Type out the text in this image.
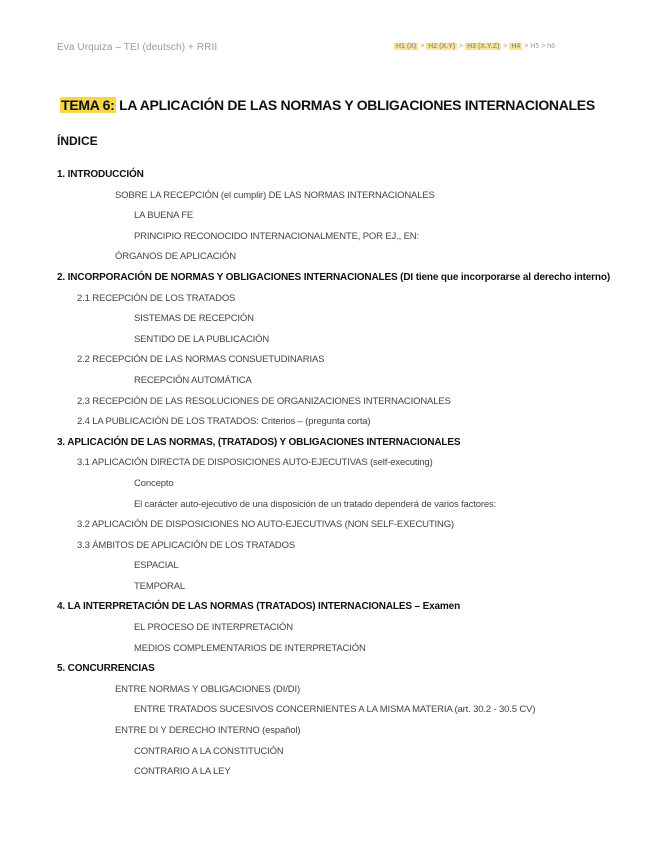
Eva Urquiza – TEI (deutsch) + RRII	H1 (X) > H2 (X.Y) > H3 (X.Y.Z) > H4 > H5 > h6
TEMA 6: LA APLICACIÓN DE LAS NORMAS Y OBLIGACIONES INTERNACIONALES
ÍNDICE
1. INTRODUCCIÓN
SOBRE LA RECEPCIÓN (el cumplir) DE LAS NORMAS INTERNACIONALES
LA BUENA FE
PRINCIPIO RECONOCIDO INTERNACIONALMENTE, POR EJ., EN:
ÓRGANOS DE APLICACIÓN
2. INCORPORACIÓN DE NORMAS Y OBLIGACIONES INTERNACIONALES (DI tiene que incorporarse al derecho interno)
2.1 RECEPCIÓN DE LOS TRATADOS
SISTEMAS DE RECEPCIÓN
SENTIDO DE LA PUBLICACIÓN
2.2 RECEPCIÓN DE LAS NORMAS CONSUETUDINARIAS
RECEPCIÓN AUTOMÁTICA
2.3 RECEPCIÓN DE LAS RESOLUCIONES DE ORGANIZACIONES INTERNACIONALES
2.4 LA PUBLICACIÓN DE LOS TRATADOS: Criterios – (pregunta corta)
3. APLICACIÓN DE LAS NORMAS, (TRATADOS) Y OBLIGACIONES INTERNACIONALES
3.1 APLICACIÓN DIRECTA DE DISPOSICIONES AUTO-EJECUTIVAS (self-executing)
Concepto
El carácter auto-ejecutivo de una disposición de un tratado dependerá de varios factores:
3.2 APLICACIÓN DE DISPOSICIONES NO AUTO-EJECUTIVAS (NON SELF-EXECUTING)
3.3 ÁMBITOS DE APLICACIÓN DE LOS TRATADOS
ESPACIAL
TEMPORAL
4. LA INTERPRETACIÓN DE LAS NORMAS (TRATADOS) INTERNACIONALES – Examen
EL PROCESO DE INTERPRETACIÓN
MEDIOS COMPLEMENTARIOS DE INTERPRETACIÓN
5. CONCURRENCIAS
ENTRE NORMAS Y OBLIGACIONES (DI/DI)
ENTRE TRATADOS SUCESIVOS CONCERNIENTES A LA MISMA MATERIA (art. 30.2 - 30.5 CV)
ENTRE DI Y DERECHO INTERNO (español)
CONTRARIO A LA CONSTITUCIÓN
CONTRARIO A LA LEY
